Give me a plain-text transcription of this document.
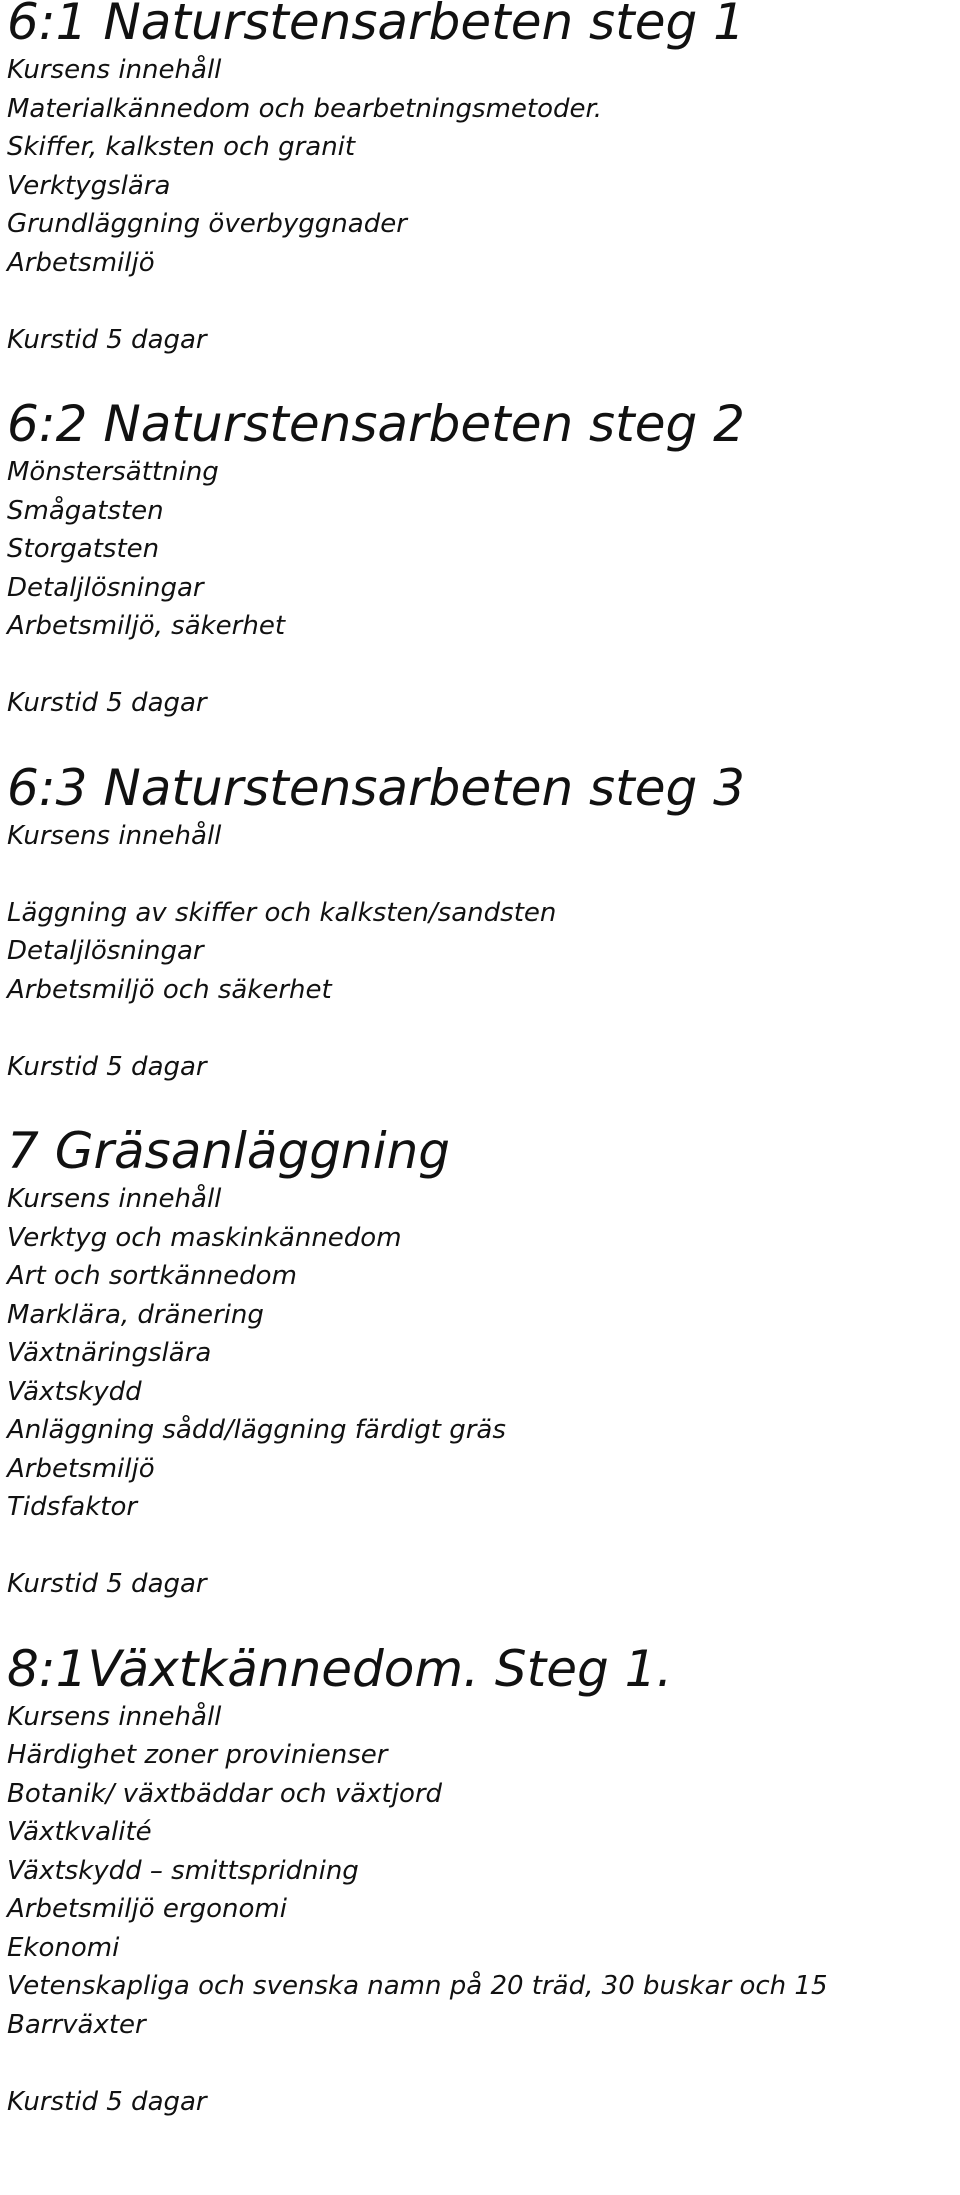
6:1 Naturstensarbeten steg 1
Kursens innehåll
Materialkännedom och bearbetningsmetoder.
Skiffer, kalksten och granit
Verktygslära
Grundläggning överbyggnader
Arbetsmiljö
Kurstid 5 dagar
6:2 Naturstensarbeten steg 2
Mönstersättning
Smågatsten
Storgatsten
Detaljlösningar
Arbetsmiljö, säkerhet
Kurstid 5 dagar
6:3 Naturstensarbeten steg 3
Kursens innehåll
Läggning av skiffer och kalksten/sandsten
Detaljlösningar
Arbetsmiljö och säkerhet
Kurstid 5 dagar
7 Gräsanläggning
Kursens innehåll
Verktyg och maskinkännedom
Art och sortkännedom
Marklära, dränering
Växtnäringslära
Växtskydd
Anläggning sådd/läggning färdigt gräs
Arbetsmiljö
Tidsfaktor
Kurstid 5 dagar
8:1Växtkännedom. Steg 1.
Kursens innehåll
Härdighet zoner provinienser
Botanik/ växtbäddar och växtjord
Växtkvalité
Växtskydd – smittspridning
Arbetsmiljö ergonomi
Ekonomi
Vetenskapliga och svenska namn på 20 träd, 30 buskar och 15
Barrväxter
Kurstid 5 dagar
